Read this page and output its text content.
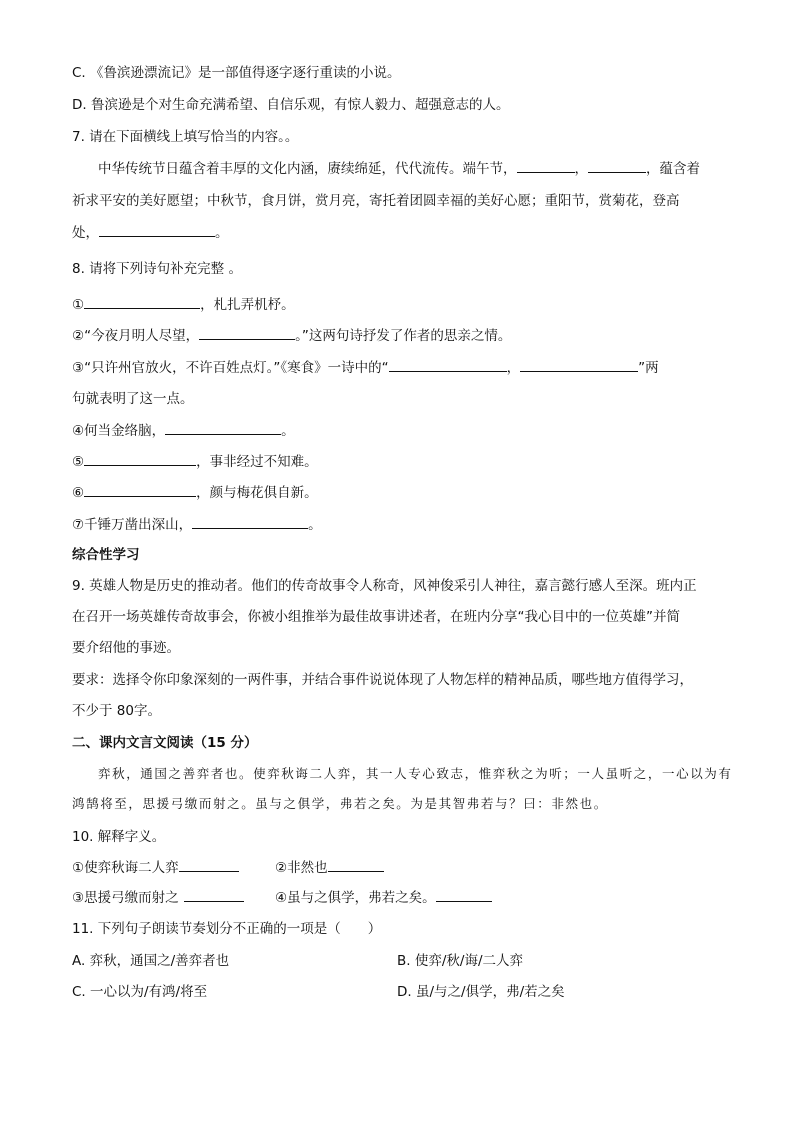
C. 《鲁滨逊漂流记》是一部值得逐字逐行重读的小说。
D. 鲁滨逊是个对生命充满希望、自信乐观，有惊人毅力、超强意志的人。
7. 请在下面横线上填写恰当的内容。。
中华传统节日蕴含着丰厚的文化内涵，赓续绵延，代代流传。端午节，	，	，蕴含着
祈求平安的美好愿望；中秋节，食月饼，赏月亮，寄托着团圆幸福的美好心愿；重阳节，赏菊花，登高
处，	。
8. 请将下列诗句补充完整 。
①	，札扎弄机杼。
②“今夜月明人尽望，	。”这两句诗抒发了作者的思亲之情。
③“只许州官放火，不许百姓点灯。”《寒食》一诗中的“	，	”两
句就表明了这一点。
④何当金络脑，	。
⑤	，事非经过不知难。
⑥	，颜与梅花俱自新。
⑦千锤万凿出深山，	。
综合性学习
9. 英雄人物是历史的推动者。他们的传奇故事令人称奇，风神俊采引人神往，嘉言懿行感人至深。班内正
在召开一场英雄传奇故事会，你被小组推举为最佳故事讲述者，在班内分享“我心目中的一位英雄”并简
要介绍他的事迹。
要求：选择令你印象深刻的一两件事，并结合事件说说体现了人物怎样的精神品质，哪些地方值得学习，
不少于 80字。
二、课内文言文阅读（15 分）
弈秋，通国之善弈者也。使弈秋诲二人弈，其一人专心致志，惟弈秋之为听；一人虽听之，一心以为有
鸿鹄将至，思援弓缴而射之。虽与之俱学，弗若之矣。为是其智弗若与？曰：非然也。
10. 解释字义。
①使弈秋诲二人弈	②非然也
③思援弓缴而射之	④虽与之俱学，弗若之矣。
11. 下列句子朗读节奏划分不正确的一项是（　　）
A. 弈秋，通国之/善弈者也	B. 使弈/秋/诲/二人弈
C. 一心以为/有鸿/将至	D. 虽/与之/俱学，弗/若之矣
